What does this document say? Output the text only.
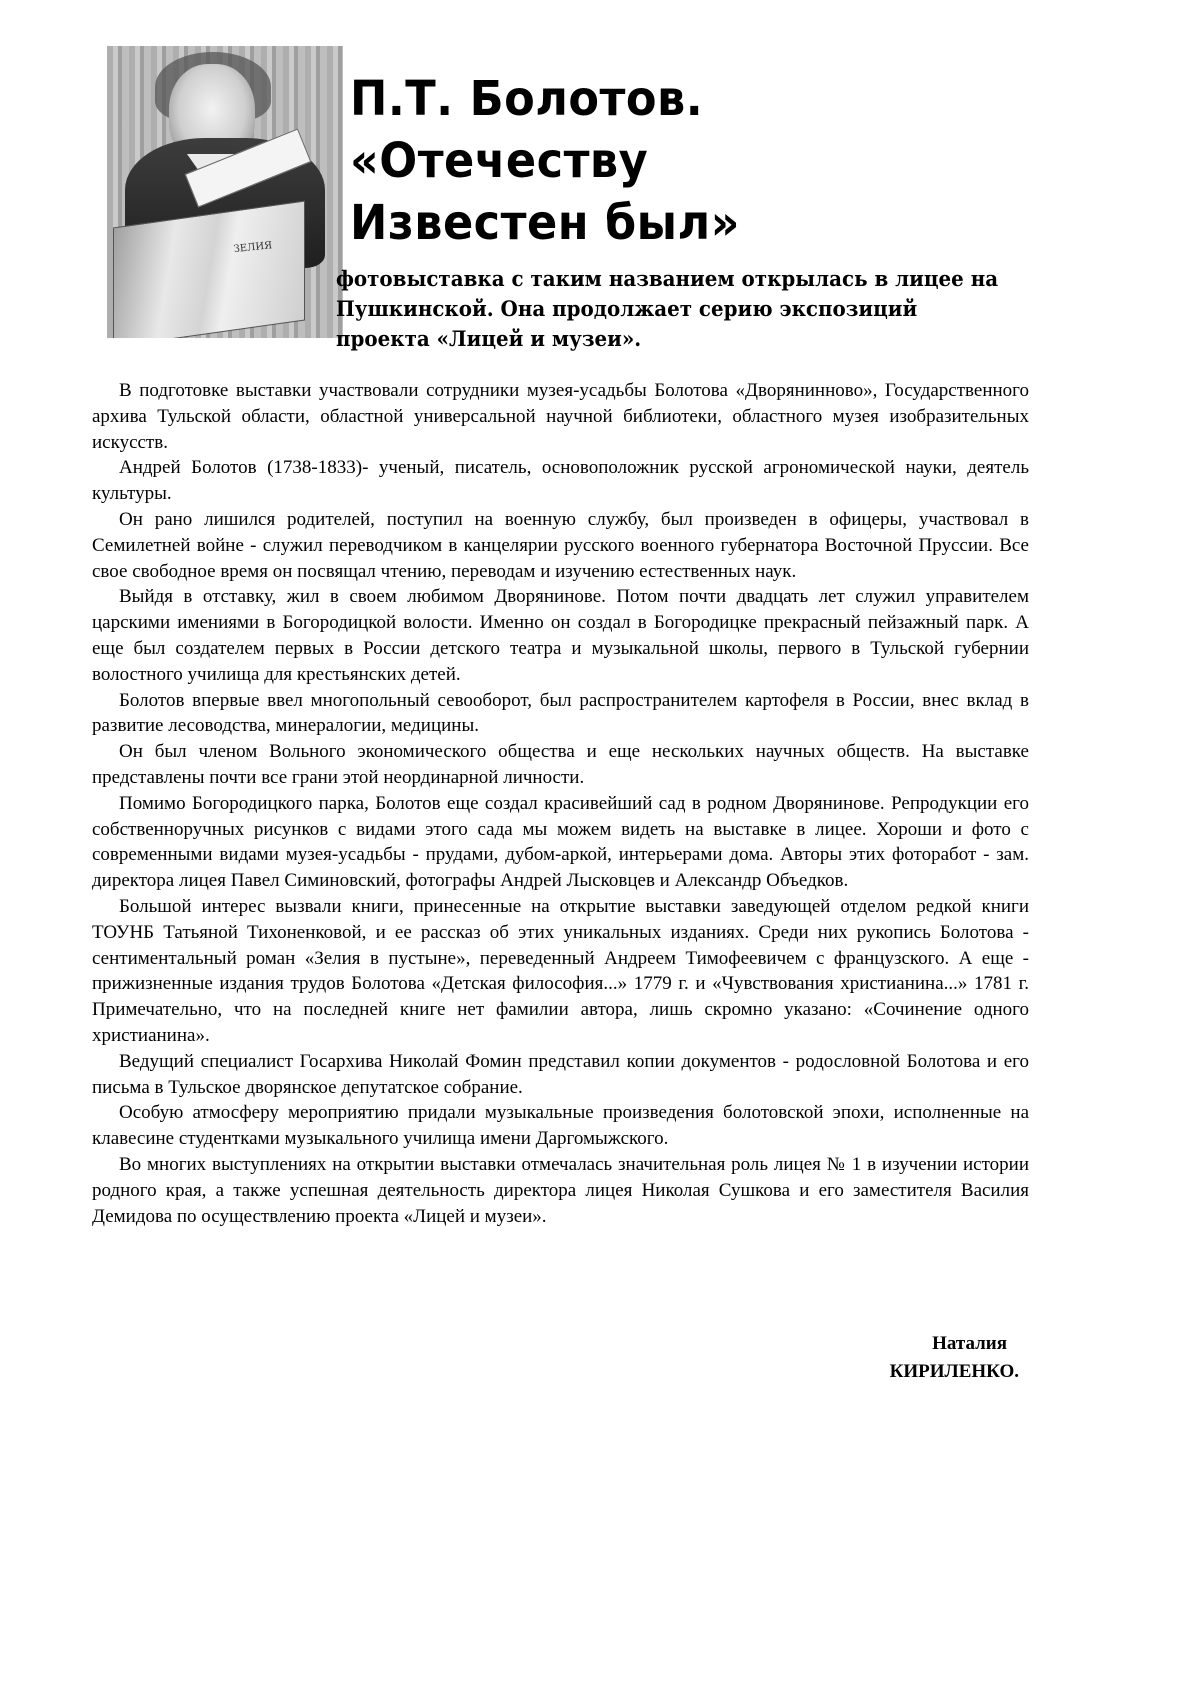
ЗЕЛИЯ
П.Т. Болотов.
«Отечеству
Известен был»

фотовыставка с таким названием открылась в лицее на Пушкинской. Она продолжает серию экспозиций проекта «Лицей и музеи».

В подготовке выставки участвовали сотрудники музея-усадьбы Болотова «Дворянинново», Государственного архива Тульской области, областной универсальной научной библиотеки, областного музея изобразительных искусств.

Андрей Болотов (1738-1833)- ученый, писатель, основоположник русской агрономической науки, деятель культуры.

Он рано лишился родителей, поступил на военную службу, был произведен в офицеры, участвовал в Семилетней войне - служил переводчиком в канцелярии русского военного губернатора Восточной Пруссии. Все свое свободное время он посвящал чтению, переводам и изучению естественных наук.

Выйдя в отставку, жил в своем любимом Дворянинове. Потом почти двадцать лет служил управителем царскими имениями в Богородицкой волости. Именно он создал в Богородицке прекрасный пейзажный парк. А еще был создателем первых в России детского театра и музыкальной школы, первого в Тульской губернии волостного училища для крестьянских детей.

Болотов впервые ввел многопольный севооборот, был распространителем картофеля в России, внес вклад в развитие лесоводства, минералогии, медицины.

Он был членом Вольного экономического общества и еще нескольких научных обществ. На выставке представлены почти все грани этой неординарной личности.

Помимо Богородицкого парка, Болотов еще создал красивейший сад в родном Дворянинове. Репродукции его собственноручных рисунков с видами этого сада мы можем видеть на выставке в лицее. Хороши и фото с современными видами музея-усадьбы - прудами, дубом-аркой, интерьерами дома. Авторы этих фоторабот - зам. директора лицея Павел Симиновский, фотографы Андрей Лысковцев и Александр Объедков.

Большой интерес вызвали книги, принесенные на открытие выставки заведующей отделом редкой книги ТОУНБ Татьяной Тихоненковой, и ее рассказ об этих уникальных изданиях. Среди них рукопись Болотова - сентиментальный роман «Зелия в пустыне», переведенный Андреем Тимофеевичем с французского. А еще - прижизненные издания трудов Болотова «Детская философия...» 1779 г. и «Чувствования христианина...» 1781 г. Примечательно, что на последней книге нет фамилии автора, лишь скромно указано: «Сочинение одного христианина».

Ведущий специалист Госархива Николай Фомин представил копии документов - родословной Болотова и его письма в Тульское дворянское депутатское собрание.

Особую атмосферу мероприятию придали музыкальные произведения болотовской эпохи, исполненные на клавесине студентками музыкального училища имени Даргомыжского.

Во многих выступлениях на открытии выставки отмечалась значительная роль лицея № 1 в изучении истории родного края, а также успешная деятельность директора лицея Николая Сушкова и его заместителя Василия Демидова по осуществлению проекта «Лицей и музеи».

Наталия
КИРИЛЕНКО.
